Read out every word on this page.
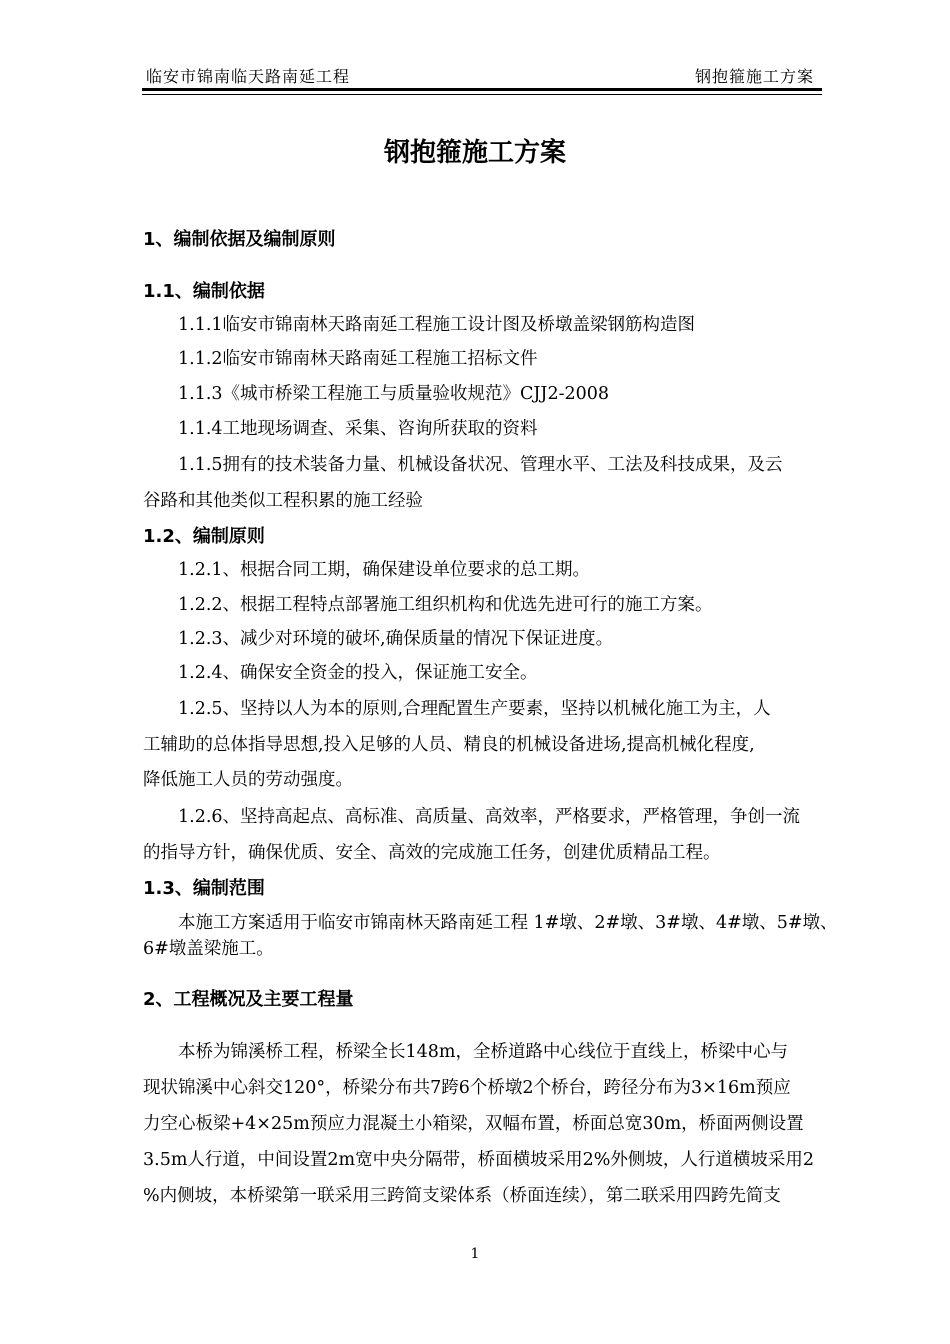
临安市锦南临天路南延工程	钢抱箍施工方案
钢抱箍施工方案
1、编制依据及编制原则
1.1、编制依据
1.1.1临安市锦南林天路南延工程施工设计图及桥墩盖梁钢筋构造图
1.1.2临安市锦南林天路南延工程施工招标文件
1.1.3《城市桥梁工程施工与质量验收规范》CJJ2-2008
1.1.4工地现场调查、采集、咨询所获取的资料
1.1.5拥有的技术装备力量、机械设备状况、管理水平、工法及科技成果，及云
谷路和其他类似工程积累的施工经验
1.2、编制原则
1.2.1、根据合同工期，确保建设单位要求的总工期。
1.2.2、根据工程特点部署施工组织机构和优选先进可行的施工方案。
1.2.3、减少对环境的破坏,确保质量的情况下保证进度。
1.2.4、确保安全资金的投入，保证施工安全。
1.2.5、坚持以人为本的原则,合理配置生产要素，坚持以机械化施工为主，人
工辅助的总体指导思想,投入足够的人员、精良的机械设备进场,提高机械化程度,
降低施工人员的劳动强度。
1.2.6、坚持高起点、高标准、高质量、高效率，严格要求，严格管理，争创一流
的指导方针，确保优质、安全、高效的完成施工任务，创建优质精品工程。
1.3、编制范围
本施工方案适用于临安市锦南林天路南延工程 1#墩、2#墩、3#墩、4#墩、5#墩、
6#墩盖梁施工。
2、工程概况及主要工程量
本桥为锦溪桥工程，桥梁全长148m，全桥道路中心线位于直线上，桥梁中心与
现状锦溪中心斜交120°，桥梁分布共7跨6个桥墩2个桥台，跨径分布为3×16m预应
力空心板梁+4×25m预应力混凝土小箱梁，双幅布置，桥面总宽30m，桥面两侧设置
3.5m人行道，中间设置2m宽中央分隔带，桥面横坡采用2%外侧坡，人行道横坡采用2
%内侧坡，本桥梁第一联采用三跨简支梁体系（桥面连续），第二联采用四跨先简支
1
